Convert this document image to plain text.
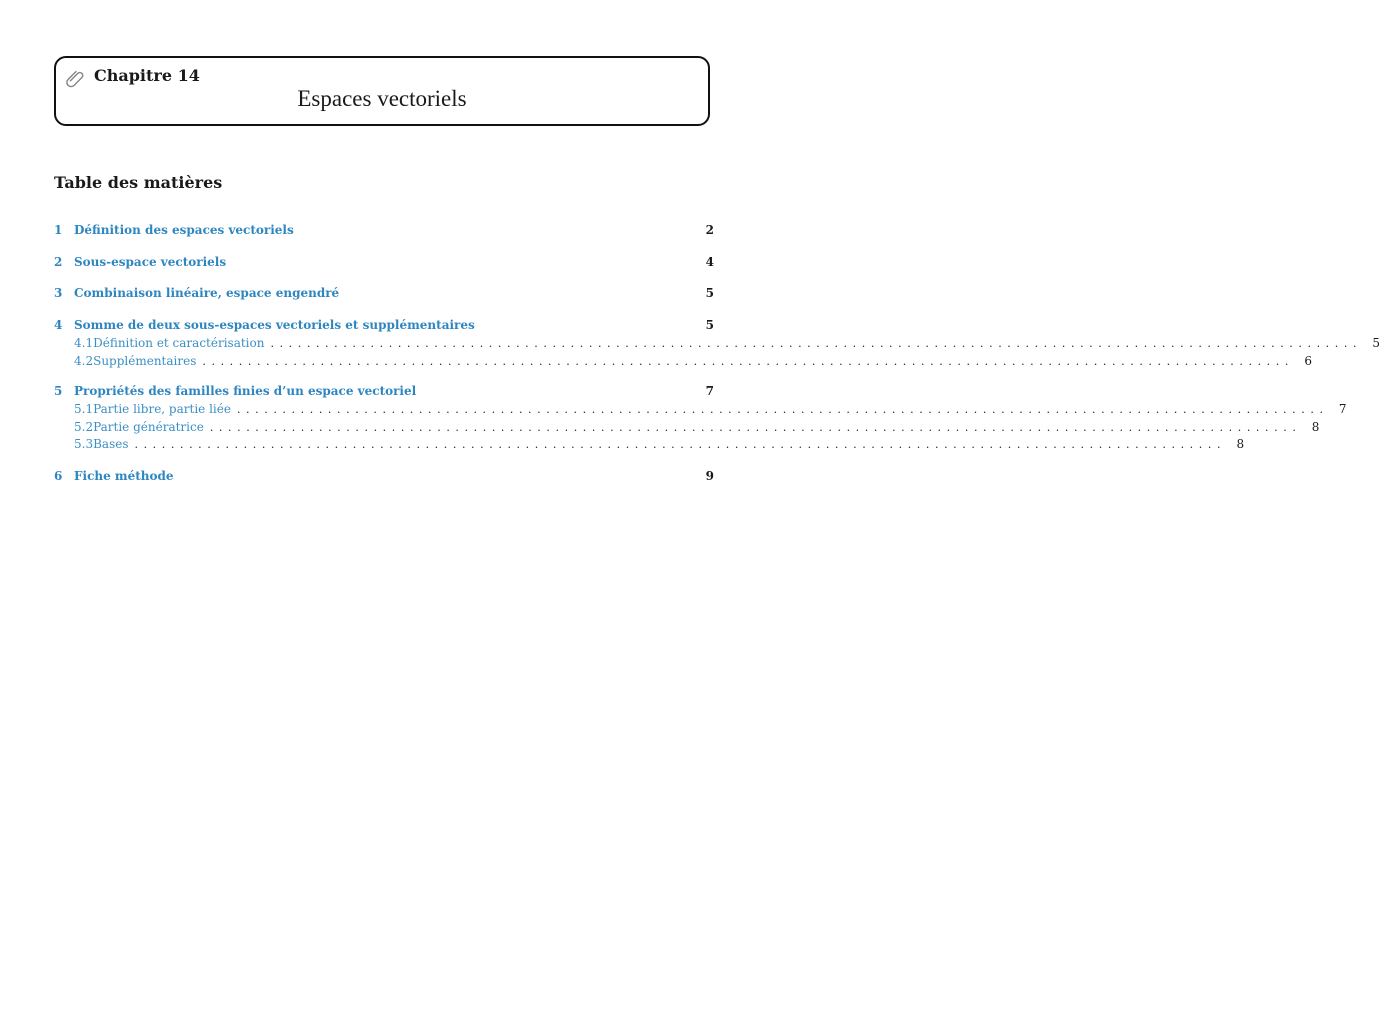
Chapitre 14
Espaces vectoriels
Table des matières
1 Définition des espaces vectoriels	2
2 Sous-espace vectoriels	4
3 Combinaison linéaire, espace engendré	5
4 Somme de deux sous-espaces vectoriels et supplémentaires	5
4.1 Définition et caractérisation ........................................................................................................................ 5
4.2 Supplémentaires ........................................................................................................................ 6
5 Propriétés des familles finies d’un espace vectoriel	7
5.1 Partie libre, partie liée ........................................................................................................................ 7
5.2 Partie génératrice ........................................................................................................................ 8
5.3 Bases ........................................................................................................................ 8
6 Fiche méthode	9
